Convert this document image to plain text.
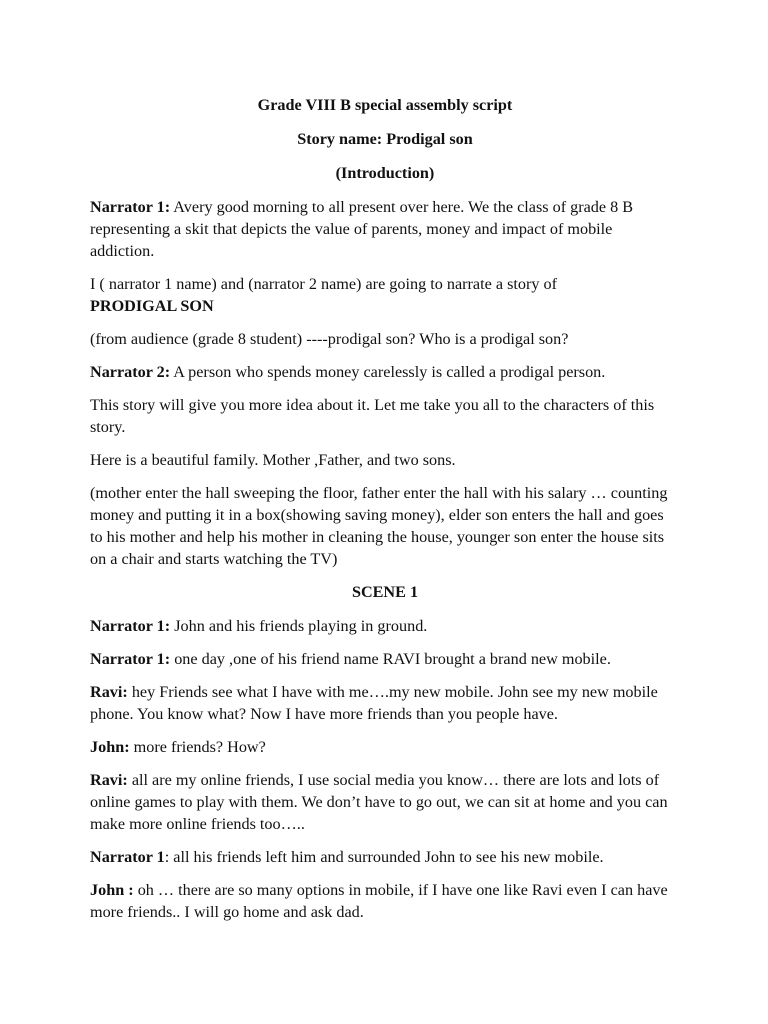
Grade VIII B special assembly script

Story name: Prodigal son

(Introduction)

Narrator 1: Avery good morning to all present over here. We the class of grade 8 B representing a skit that depicts the value of parents, money and impact of mobile addiction.

I ( narrator 1 name) and (narrator 2 name) are going to narrate a story of
PRODIGAL SON

(from audience (grade 8 student) ----prodigal son? Who is a prodigal son?

Narrator 2: A person who spends money carelessly is called a prodigal person.

This story will give you more idea about it. Let me take you all to the characters of this story.

Here is a beautiful family. Mother ,Father, and two sons.

(mother enter the hall sweeping the floor, father enter the hall with his salary … counting money and putting it in a box(showing saving money), elder son enters the hall and goes to his mother and help his mother in cleaning the house, younger son enter the house sits on a chair and starts watching the TV)

SCENE 1

Narrator 1: John and his friends playing in ground.

Narrator 1: one day ,one of his friend name RAVI brought a brand new mobile.

Ravi: hey Friends see what I have with me….my new mobile. John see my new mobile phone. You know what? Now I have more friends than you people have.

John: more friends? How?

Ravi: all are my online friends, I use social media you know… there are lots and lots of online games to play with them. We don’t have to go out, we can sit at home and you can make more online friends too…..

Narrator 1: all his friends left him and surrounded John to see his new mobile.

John : oh … there are so many options in mobile, if I have one like Ravi even I can have more friends.. I will go home and ask dad.
